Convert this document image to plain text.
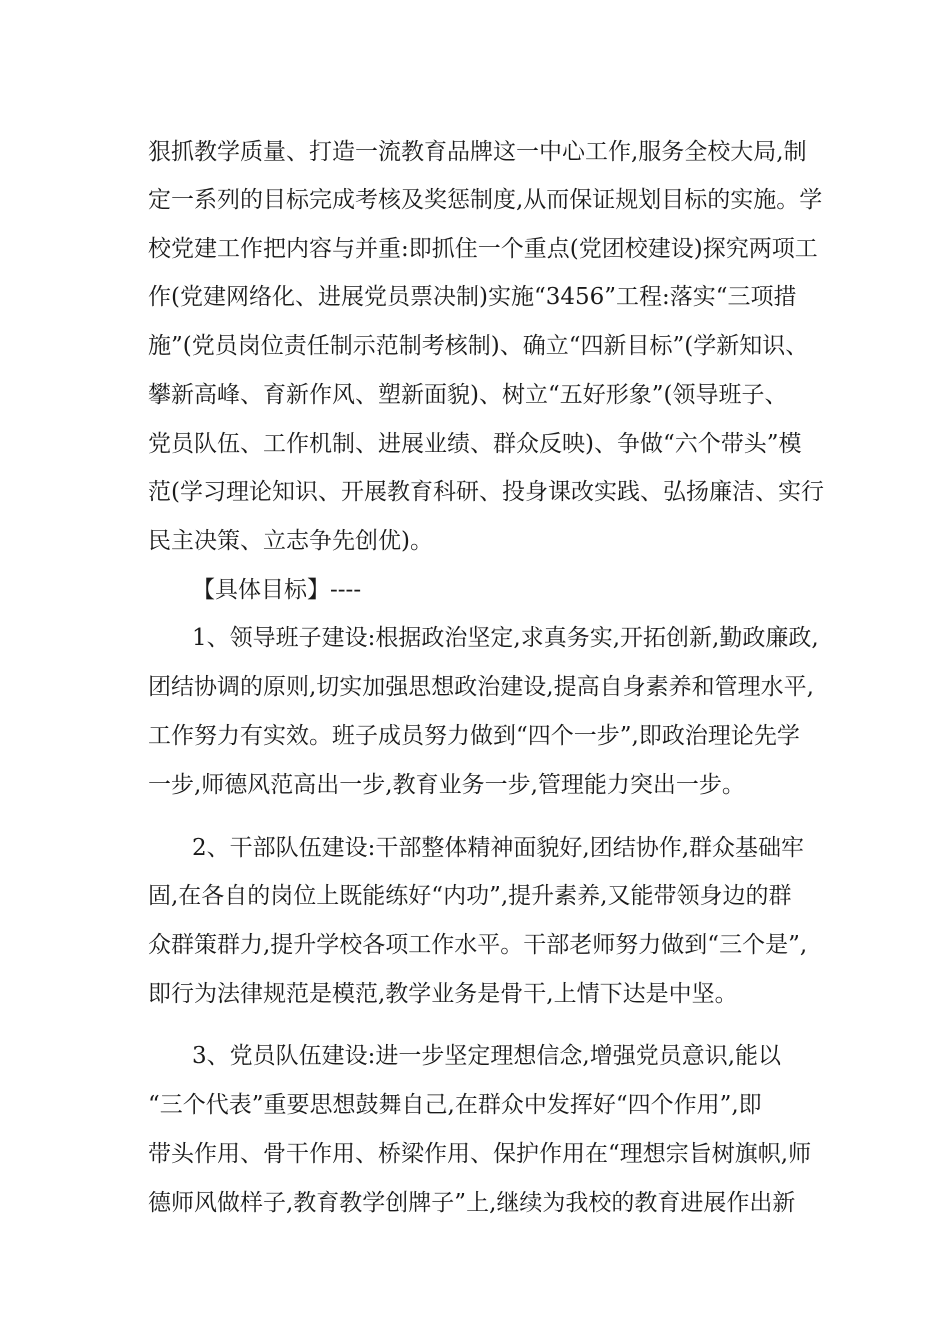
狠抓教学质量、打造一流教育品牌这一中心工作,服务全校大局,制

定一系列的目标完成考核及奖惩制度,从而保证规划目标的实施。学

校党建工作把内容与并重:即抓住一个重点(党团校建设)探究两项工

作(党建网络化、进展党员票决制)实施“3456”工程:落实“三项措

施”(党员岗位责任制示范制考核制)、确立“四新目标”(学新知识、

攀新高峰、育新作风、塑新面貌)、树立“五好形象”(领导班子、

党员队伍、工作机制、进展业绩、群众反映)、争做“六个带头”模

范(学习理论知识、开展教育科研、投身课改实践、弘扬廉洁、实行

民主决策、立志争先创优)。

【具体目标】----

1、领导班子建设:根据政治坚定,求真务实,开拓创新,勤政廉政,

团结协调的原则,切实加强思想政治建设,提高自身素养和管理水平,

工作努力有实效。班子成员努力做到“四个一步”,即政治理论先学

一步,师德风范高出一步,教育业务一步,管理能力突出一步。

2、干部队伍建设:干部整体精神面貌好,团结协作,群众基础牢

固,在各自的岗位上既能练好“内功”,提升素养,又能带领身边的群

众群策群力,提升学校各项工作水平。干部老师努力做到“三个是”,

即行为法律规范是模范,教学业务是骨干,上情下达是中坚。

3、党员队伍建设:进一步坚定理想信念,增强党员意识,能以

“三个代表”重要思想鼓舞自己,在群众中发挥好“四个作用”,即

带头作用、骨干作用、桥梁作用、保护作用在“理想宗旨树旗帜,师

德师风做样子,教育教学创牌子”上,继续为我校的教育进展作出新
